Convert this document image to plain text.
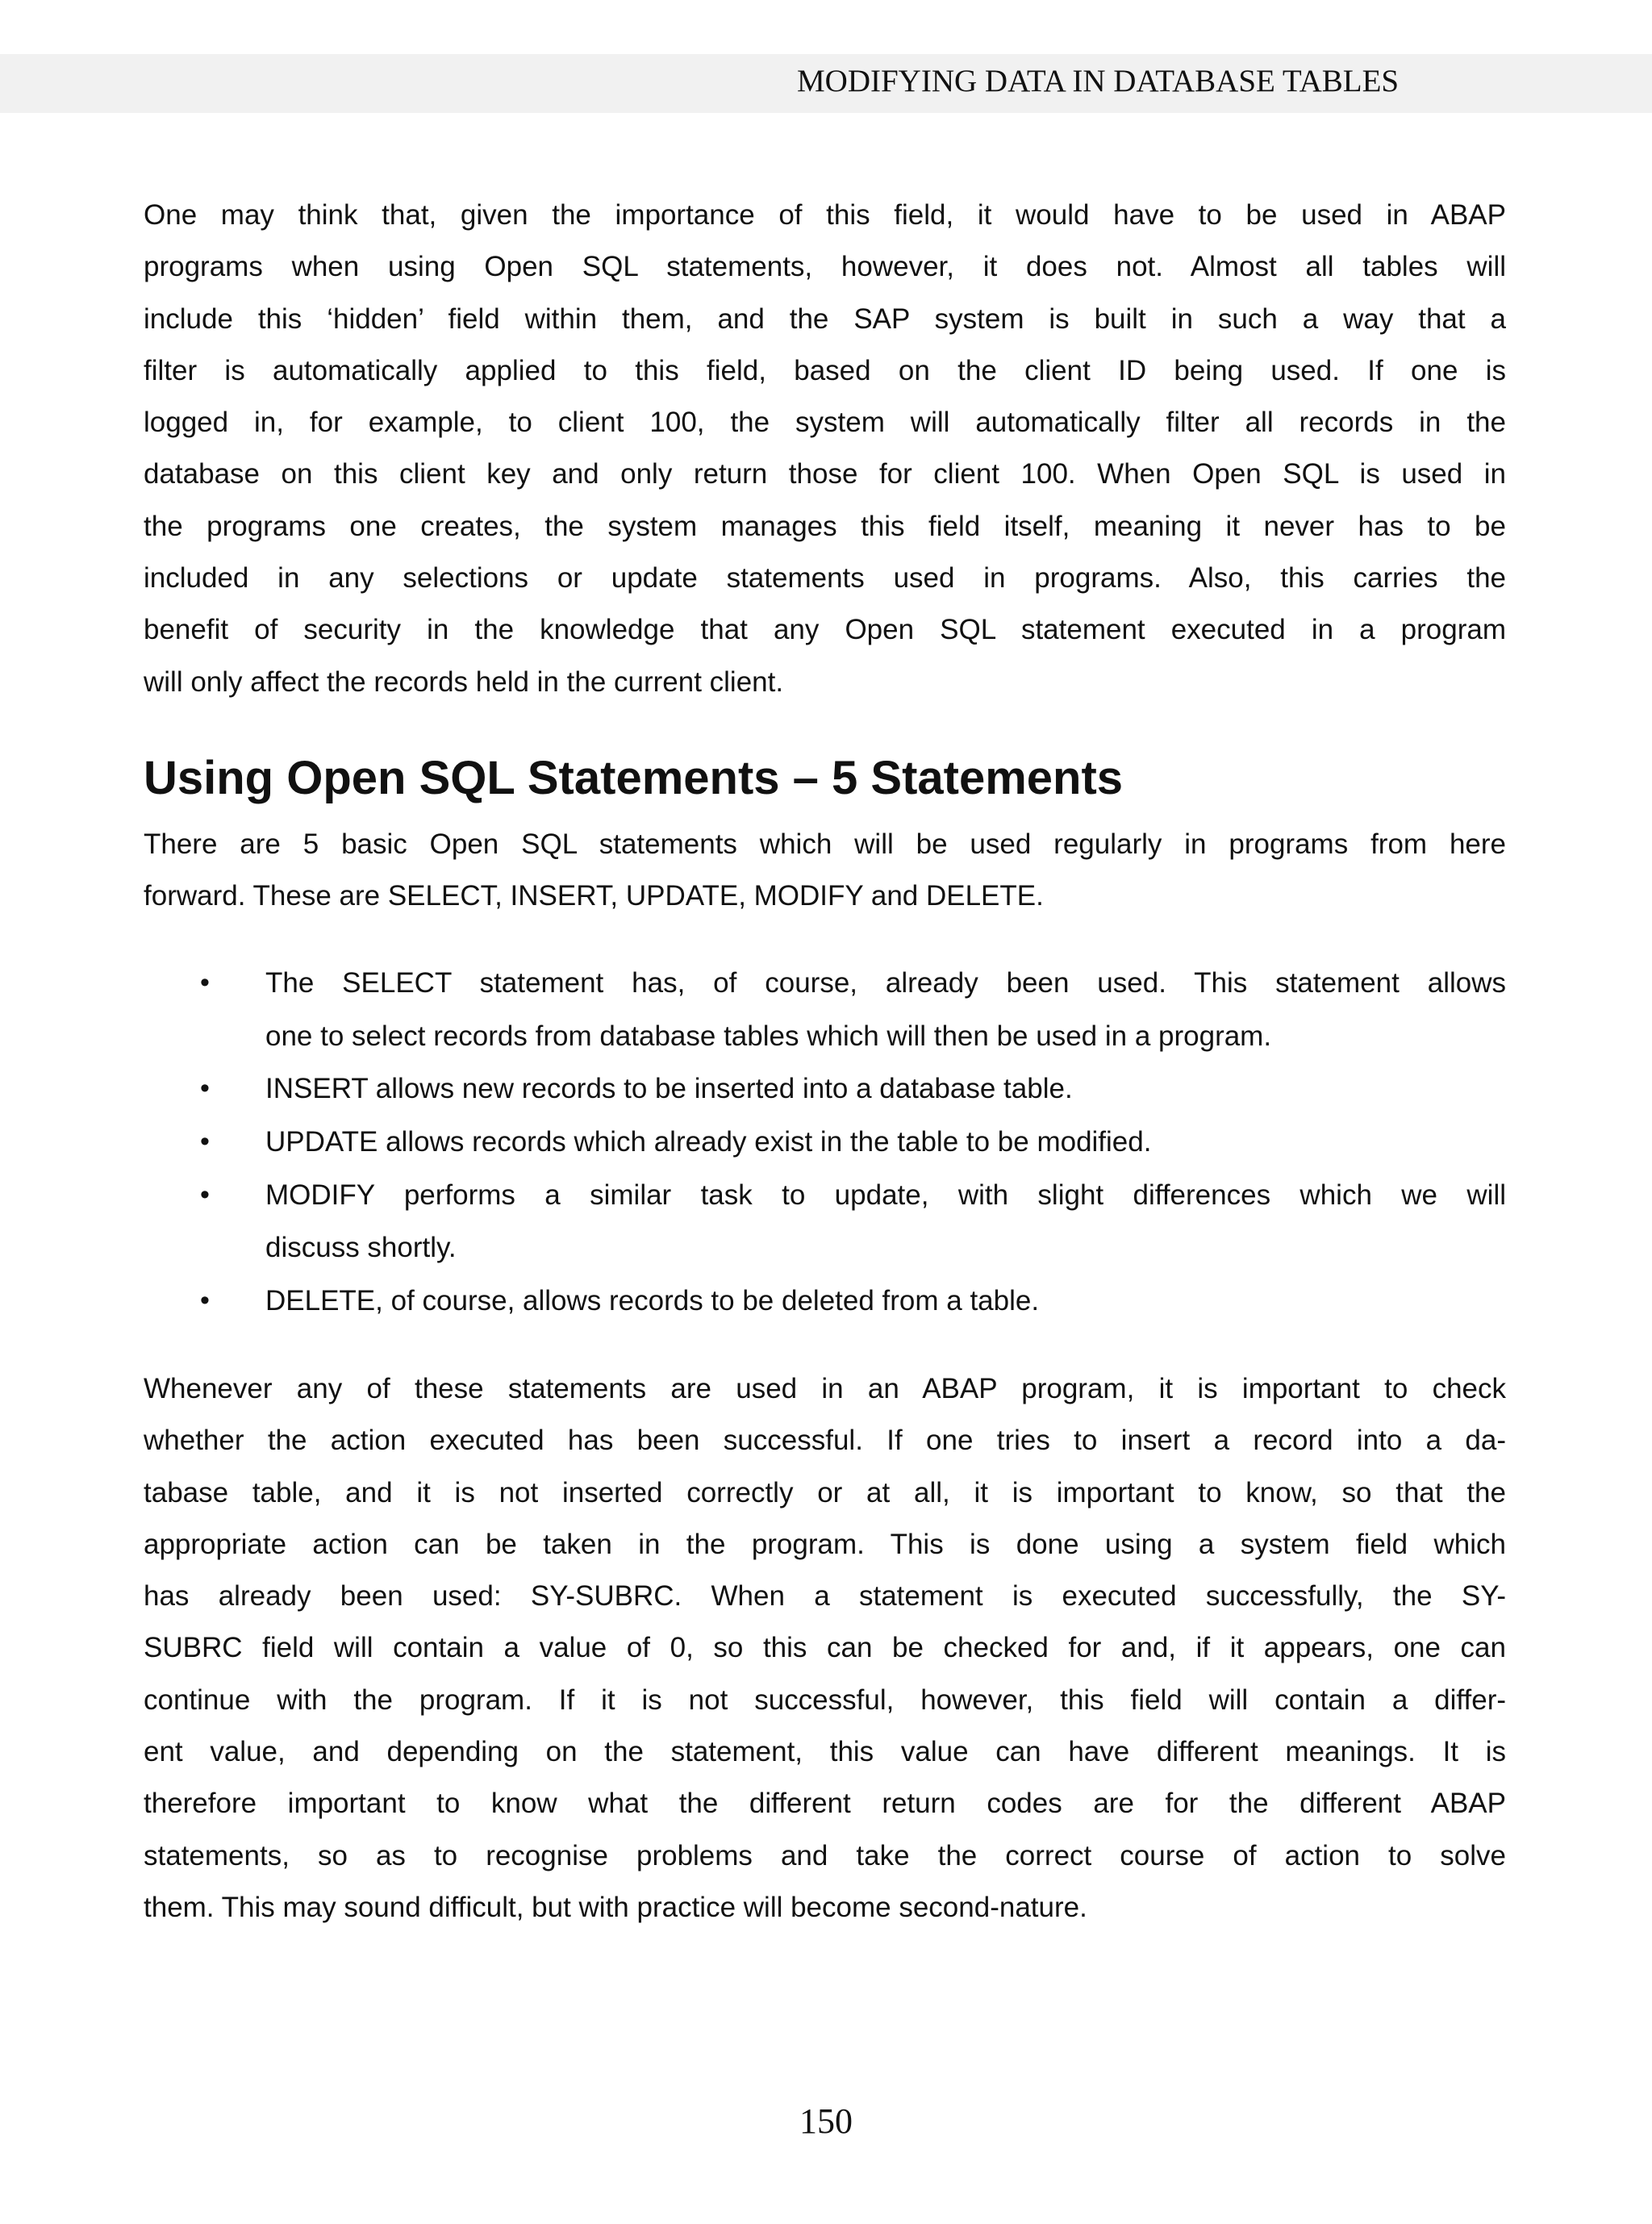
MODIFYING DATA IN DATABASE TABLES
One may think that, given the importance of this field, it would have to be used in ABAP
programs when using Open SQL statements, however, it does not. Almost all tables will
include this ‘hidden’ field within them, and the SAP system is built in such a way that a
filter is automatically applied to this field, based on the client ID being used. If one is
logged in, for example, to client 100, the system will automatically filter all records in the
database on this client key and only return those for client 100. When Open SQL is used in
the programs one creates, the system manages this field itself, meaning it never has to be
included in any selections or update statements used in programs. Also, this carries the
benefit of security in the knowledge that any Open SQL statement executed in a program
will only affect the records held in the current client.
Using Open SQL Statements – 5 Statements
There are 5 basic Open SQL statements which will be used regularly in programs from here
forward. These are SELECT, INSERT, UPDATE, MODIFY and DELETE.
• The SELECT statement has, of course, already been used. This statement allows
one to select records from database tables which will then be used in a program.
• INSERT allows new records to be inserted into a database table.
• UPDATE allows records which already exist in the table to be modified.
• MODIFY performs a similar task to update, with slight differences which we will
discuss shortly.
• DELETE, of course, allows records to be deleted from a table.
Whenever any of these statements are used in an ABAP program, it is important to check
whether the action executed has been successful. If one tries to insert a record into a da-
tabase table, and it is not inserted correctly or at all, it is important to know, so that the
appropriate action can be taken in the program. This is done using a system field which
has already been used: SY-SUBRC. When a statement is executed successfully, the SY-
SUBRC field will contain a value of 0, so this can be checked for and, if it appears, one can
continue with the program. If it is not successful, however, this field will contain a differ-
ent value, and depending on the statement, this value can have different meanings. It is
therefore important to know what the different return codes are for the different ABAP
statements, so as to recognise problems and take the correct course of action to solve
them. This may sound difficult, but with practice will become second-nature.
150
